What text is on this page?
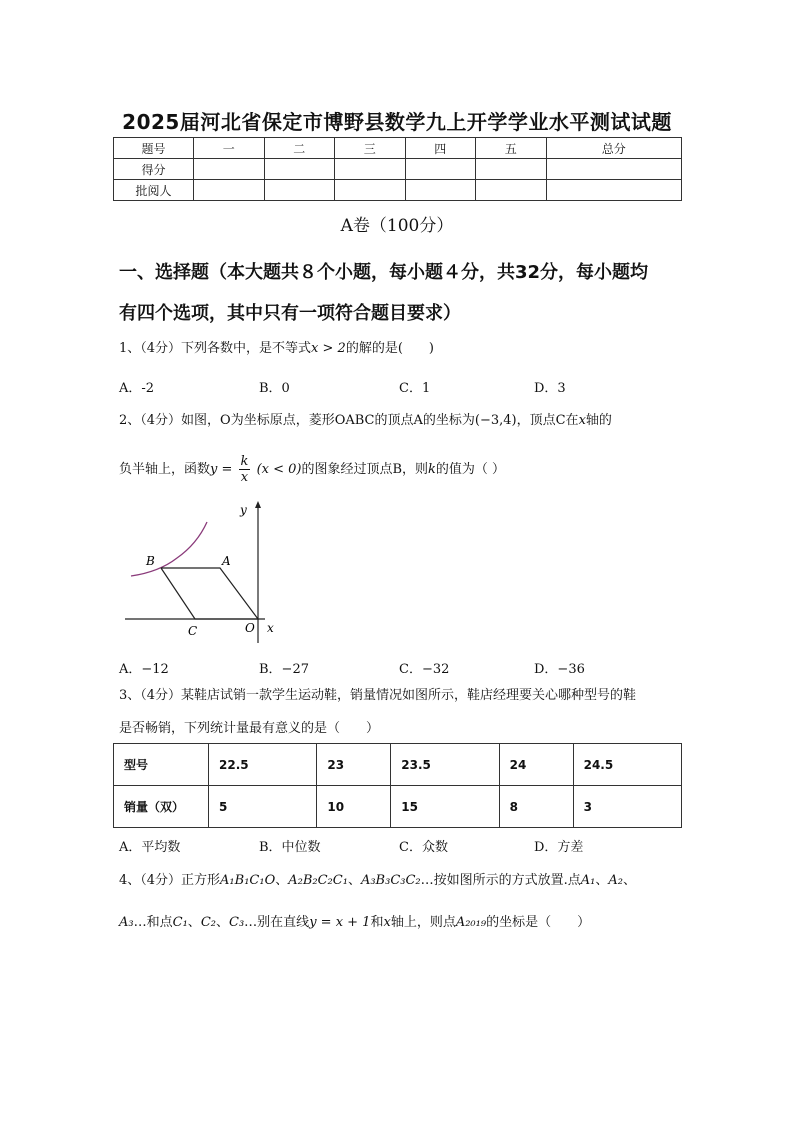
2025届河北省保定市博野县数学九上开学学业水平测试试题
题号	一	二	三	四	五	总分
得分						
批阅人						
A卷（100分）
一、选择题（本大题共８个小题，每小题４分，共32分，每小题均
有四个选项，其中只有一项符合题目要求）
1、（4分）下列各数中，是不等式x > 2的解的是(　　)
A．-2	B．0	C．1	D．3
2、（4分）如图，O为坐标原点，菱形OABC的顶点A的坐标为(−3,4)，顶点C在x轴的
负半轴上，函数$y = \frac{k}{x} (x < 0)$的图象经过顶点B，则k的值为（ ）
y
x
O
A
B
C
A．−12	B．−27	C．−32	D．−36
3、（4分）某鞋店试销一款学生运动鞋，销量情况如图所示，鞋店经理要关心哪种型号的鞋
是否畅销，下列统计量最有意义的是（　　）
型号	22.5	23	23.5	24	24.5
销量（双）	5	10	15	8	3
A．平均数	B．中位数	C．众数	D．方差
4、（4分）正方形A₁B₁C₁O、A₂B₂C₂C₁、A₃B₃C₃C₂…按如图所示的方式放置.点A₁、A₂、
A₃…和点C₁、C₂、C₃…别在直线y = x + 1和x轴上，则点A₂₀₁₉的坐标是（　　）
